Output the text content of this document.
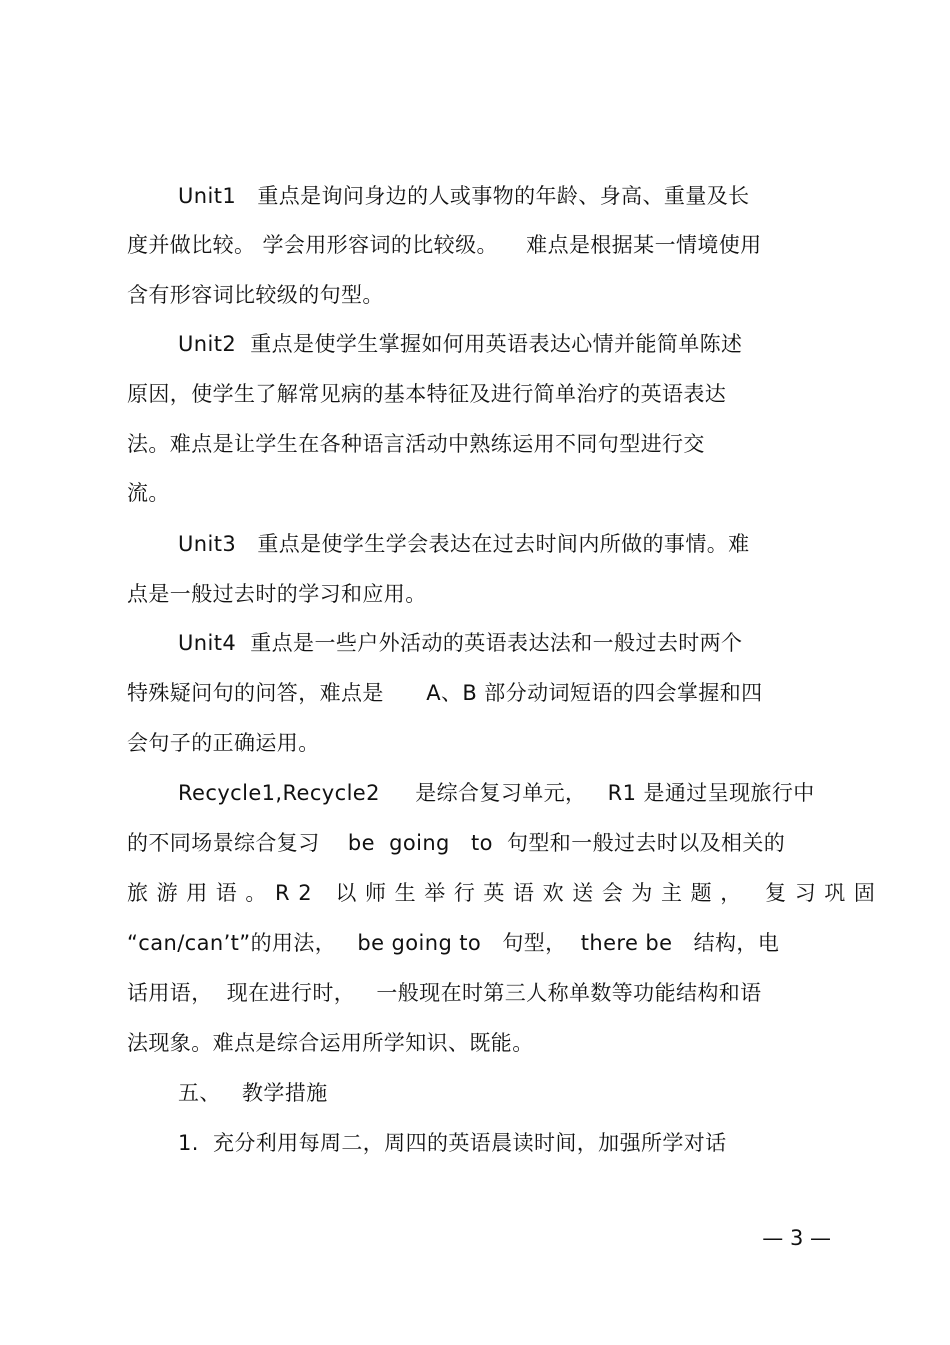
Unit1   重点是询问身边的人或事物的年龄、身高、重量及长
度并做比较。 学会用形容词的比较级。    难点是根据某一情境使用
含有形容词比较级的句型。
Unit2  重点是使学生掌握如何用英语表达心情并能简单陈述
原因，使学生了解常见病的基本特征及进行简单治疗的英语表达
法。难点是让学生在各种语言活动中熟练运用不同句型进行交
流。
Unit3   重点是使学生学会表达在过去时间内所做的事情。难
点是一般过去时的学习和应用。
Unit4  重点是一些户外活动的英语表达法和一般过去时两个
特殊疑问句的问答，难点是      A、B 部分动词短语的四会掌握和四
会句子的正确运用。
Recycle1,Recycle2     是综合复习单元，   R1 是通过呈现旅行中
的不同场景综合复习    be  going   to  句型和一般过去时以及相关的
旅游用语。R2 以师生举行英语欢送会为主题， 复习巩固
“can/can’t”的用法，   be going to   句型，  there be   结构，电
话用语，  现在进行时，   一般现在时第三人称单数等功能结构和语
法现象。难点是综合运用所学知识、既能。
五、   教学措施
1.  充分利用每周二，周四的英语晨读时间，加强所学对话
— 3 —
